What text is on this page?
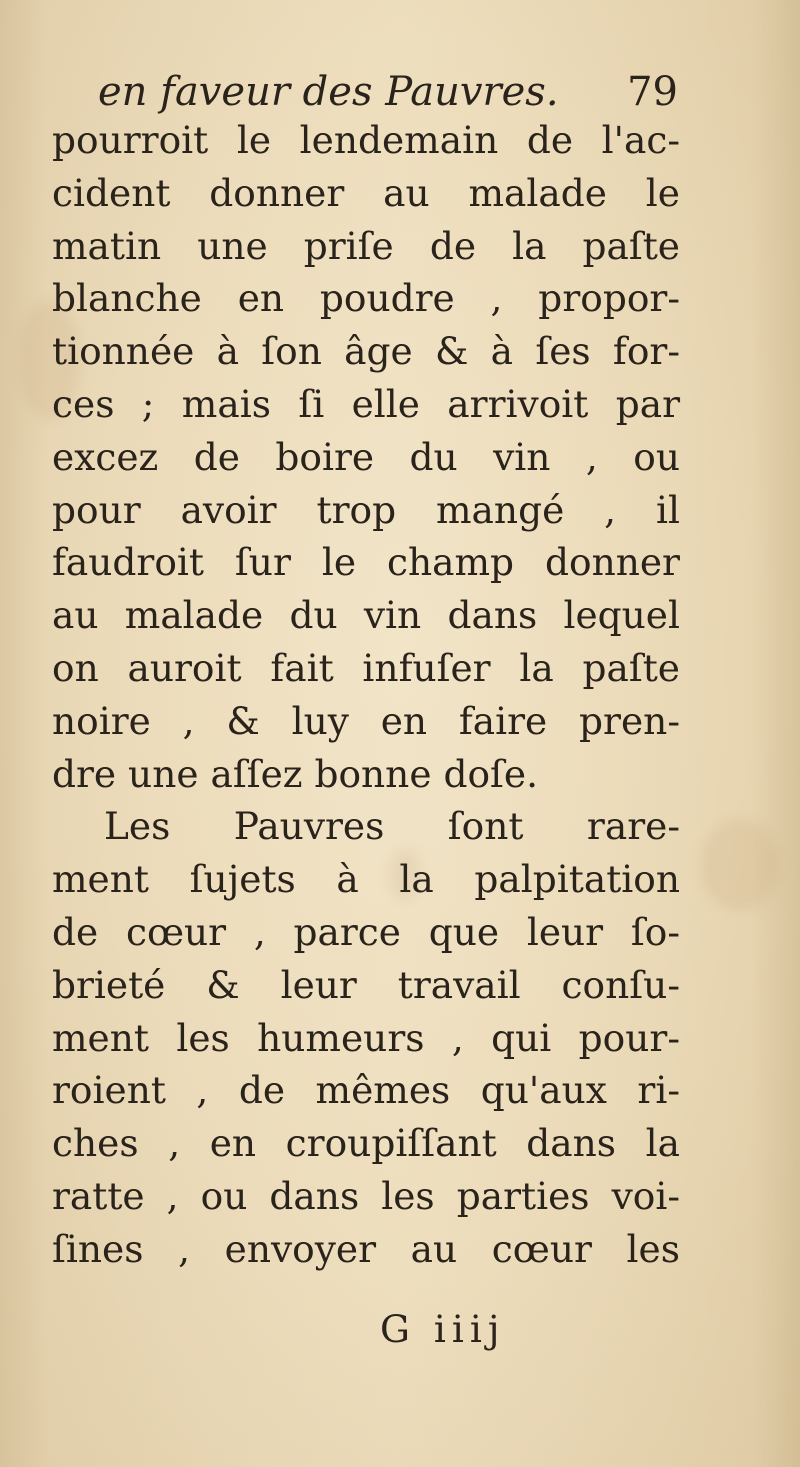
en faveur des Pauvres. 79
pourroit le lendemain de l'ac-
cident donner au malade le
matin une priſe de la paſte
blanche en poudre , propor-
tionnée à ſon âge & à ſes for-
ces ; mais ſi elle arrivoit par
excez de boire du vin , ou
pour avoir trop mangé , il
faudroit ſur le champ donner
au malade du vin dans lequel
on auroit fait infuſer la paſte
noire , & luy en faire pren-
dre une aſſez bonne doſe.
Les Pauvres ſont rare-
ment ſujets à la palpitation
de cœur , parce que leur ſo-
brieté & leur travail conſu-
ment les humeurs , qui pour-
roient , de mêmes qu'aux ri-
ches , en croupiſſant dans la
ratte , ou dans les parties voi-
ſines , envoyer au cœur les
G iiij
